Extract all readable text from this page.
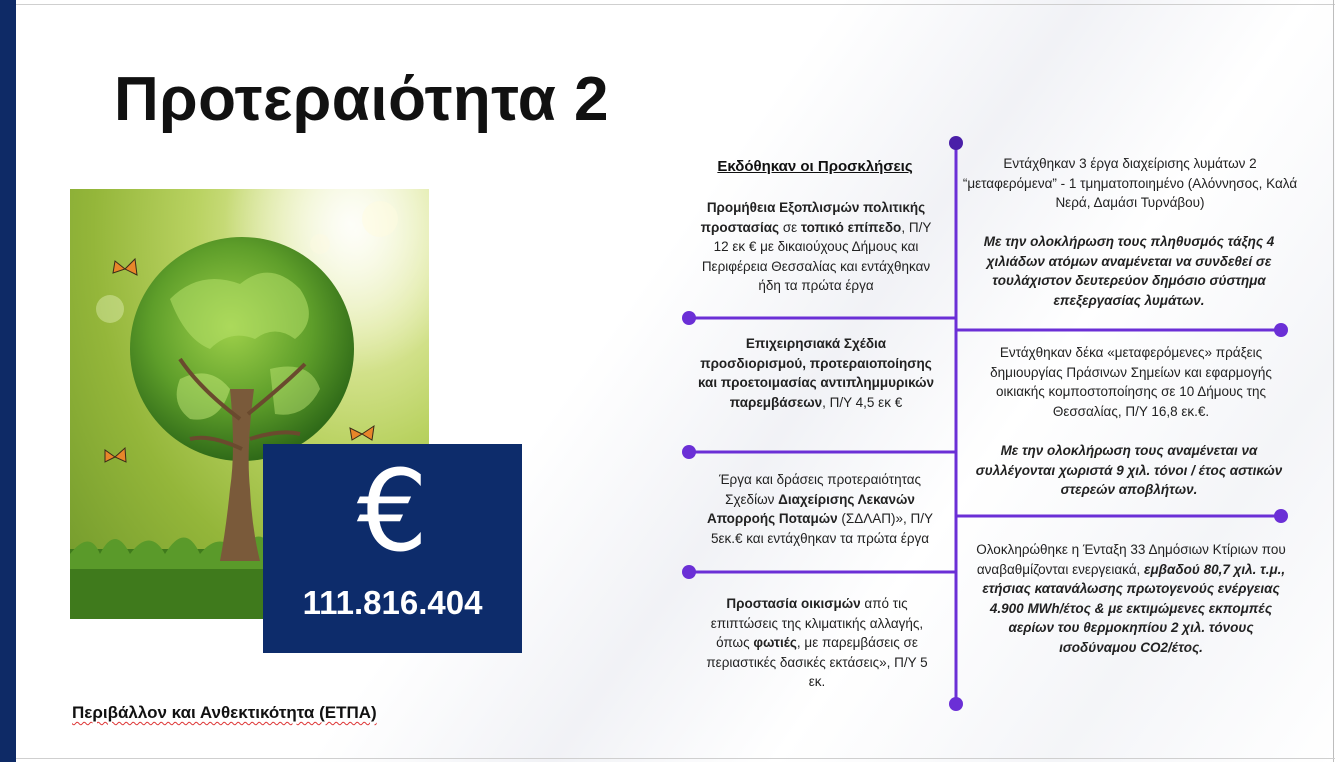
Προτεραιότητα 2
€
111.816.404
Περιβάλλον και Ανθεκτικότητα (ΕΤΠΑ)
Εκδόθηκαν οι Προσκλήσεις
Προμήθεια Εξοπλισμών πολιτικής προστασίας σε τοπικό επίπεδο, Π/Υ 12 εκ € με δικαιούχους Δήμους και Περιφέρεια Θεσσαλίας και εντάχθηκαν ήδη τα πρώτα έργα
Επιχειρησιακά Σχέδια προσδιορισμού, προτεραιοποίησης και προετοιμασίας αντιπλημμυρικών παρεμβάσεων, Π/Υ 4,5 εκ €
Έργα και δράσεις προτεραιότητας Σχεδίων Διαχείρισης Λεκανών Απορροής Ποταμών (ΣΔΛΑΠ)», Π/Υ 5εκ.€ και εντάχθηκαν τα πρώτα έργα
Προστασία οικισμών από τις επιπτώσεις της κλιματικής αλλαγής, όπως φωτιές, με παρεμβάσεις σε περιαστικές δασικές εκτάσεις», Π/Υ 5 εκ.
Εντάχθηκαν 3 έργα διαχείρισης λυμάτων 2 “μεταφερόμενα” - 1 τμηματοποιημένο (Αλόννησος, Καλά Νερά, Δαμάσι Τυρνάβου)
Με την ολοκλήρωση τους πληθυσμός τάξης 4 χιλιάδων ατόμων αναμένεται να συνδεθεί σε τουλάχιστον δευτερεύον δημόσιο σύστημα επεξεργασίας λυμάτων.
Εντάχθηκαν δέκα «μεταφερόμενες» πράξεις δημιουργίας Πράσινων Σημείων και εφαρμογής οικιακής κομποστοποίησης σε 10 Δήμους της Θεσσαλίας, Π/Υ 16,8 εκ.€.
Με την ολοκλήρωση τους αναμένεται να συλλέγονται χωριστά 9 χιλ. τόνοι / έτος αστικών στερεών αποβλήτων.
Ολοκληρώθηκε η Ένταξη 33 Δημόσιων Κτίριων που αναβαθμίζονται ενεργειακά, εμβαδού 80,7 χιλ. τ.μ., ετήσιας κατανάλωσης πρωτογενούς ενέργειας 4.900 MWh/έτος & με εκτιμώμενες εκπομπές αερίων του θερμοκηπίου 2 χιλ. τόνους ισοδύναμου CO2/έτος.
